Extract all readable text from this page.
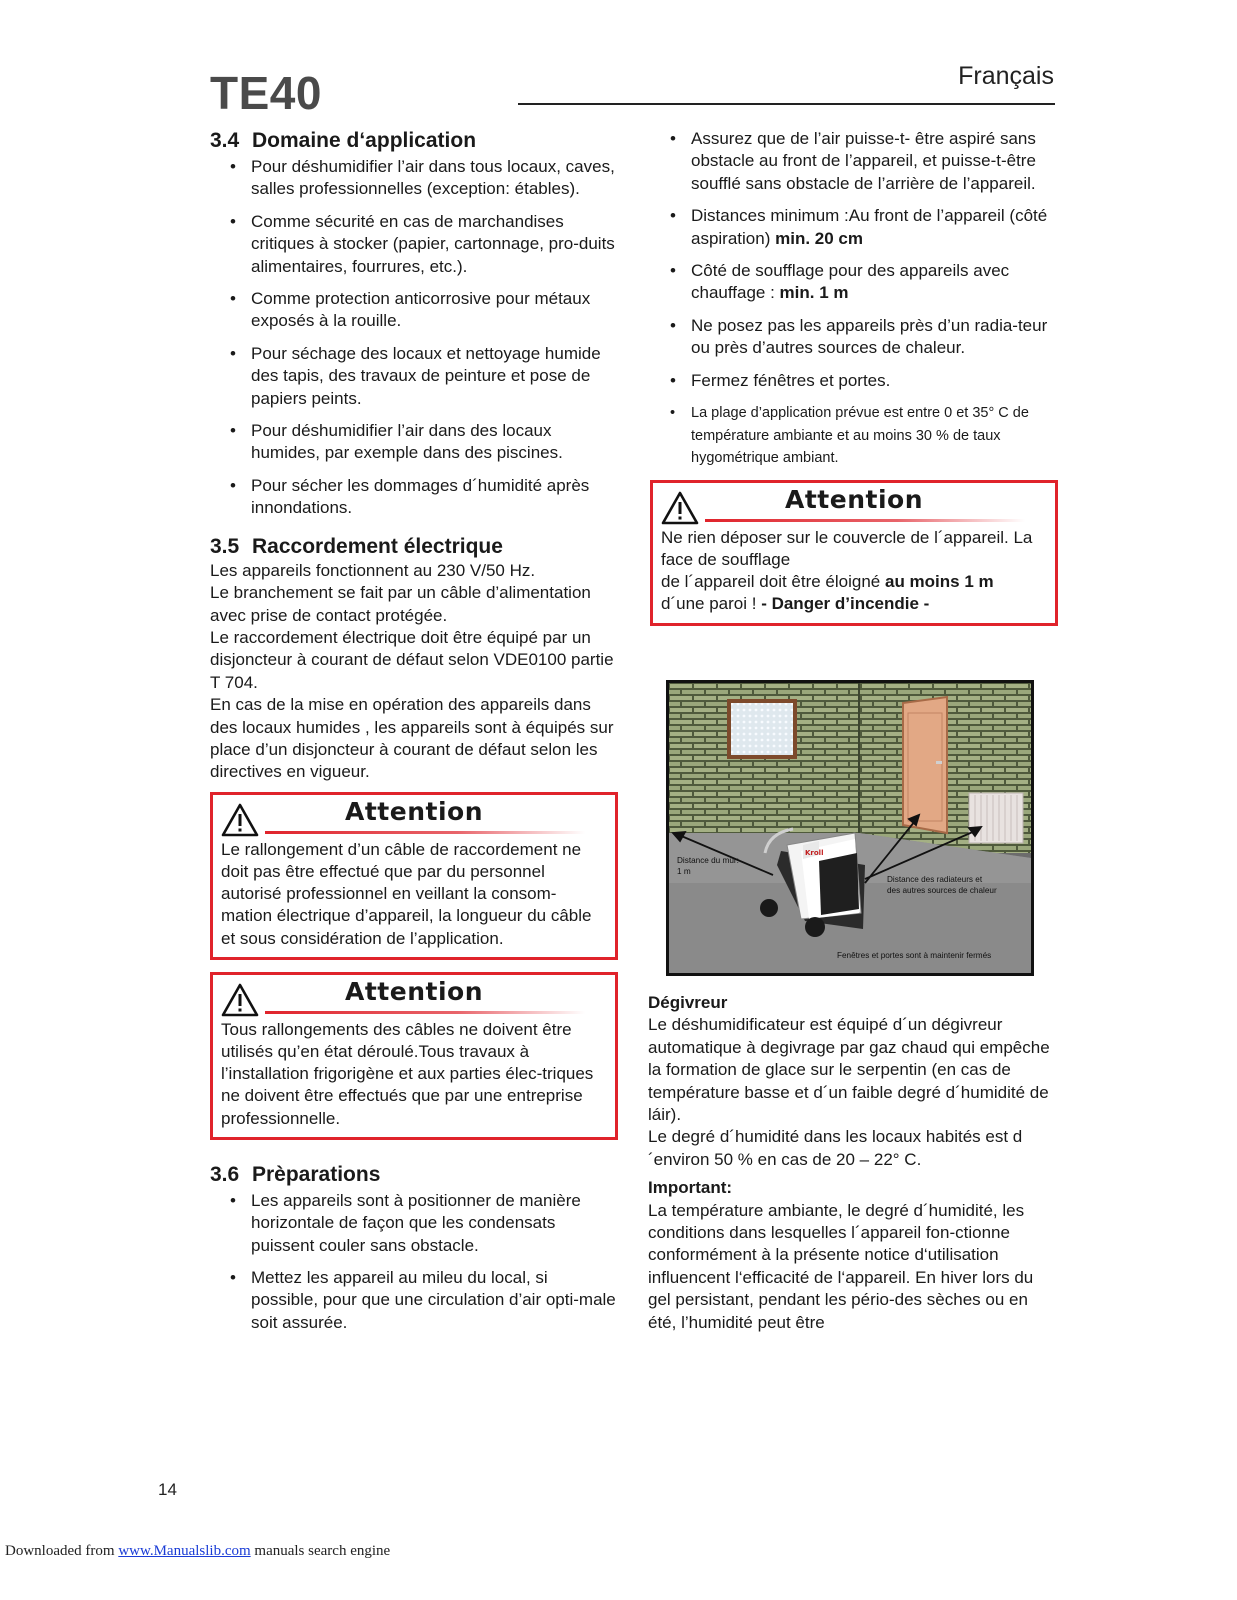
TE40	Français
3.4 Domaine d‘application
• Pour déshumidifier l’air dans tous locaux, caves, salles professionnelles (exception: étables).
• Comme sécurité en cas de marchandises critiques à stocker (papier, cartonnage, pro-duits alimentaires, fourrures, etc.).
• Comme protection anticorrosive pour métaux exposés à la rouille.
• Pour séchage des locaux et nettoyage humide des tapis, des travaux de peinture et pose de papiers peints.
• Pour déshumidifier l’air dans des locaux humides, par exemple dans des piscines.
• Pour sécher les dommages d´humidité après innondations.
3.5 Raccordement électrique

Les appareils fonctionnent au 230 V/50 Hz.

Le branchement se fait par un câble d’alimentation avec prise de contact protégée.

Le raccordement électrique doit être équipé par un disjoncteur à courant de défaut selon VDE0100 partie T 704.

En cas de la mise en opération des appareils dans des locaux humides , les appareils sont à équipés sur place d’un disjoncteur à courant de défaut selon les directives en vigueur.

Attention
Le rallongement d’un câble de raccordement ne doit pas être effectué que par du personnel autorisé professionnel en veillant la consom-mation électrique d’appareil, la longueur du câble et sous considération de l’application.
Attention
Tous rallongements des câbles ne doivent être utilisés qu’en état déroulé.Tous travaux à l’installation frigorigène et aux parties élec-triques ne doivent être effectués que par une entreprise professionnelle.
3.6 Prèparations
• Les appareils sont à positionner de manière horizontale de façon que les condensats puissent couler sans obstacle.
• Mettez les appareil au mileu du local, si possible, pour que une circulation d’air opti-male soit assurée.
• Assurez que de l’air puisse-t- être aspiré sans obstacle au front de l’appareil, et puisse-t-être soufflé sans obstacle de l’arrière de l’appareil.
• Distances minimum :Au front de l’appareil (côté aspiration) min. 20 cm
• Côté de soufflage pour des appareils avec chauffage : min. 1 m
• Ne posez pas les appareils près d’un radia-teur ou près d’autres sources de chaleur.
• Fermez fénêtres et portes.
• La plage d’application prévue est entre 0 et 35° C de température ambiante et au moins 30 % de taux hygométrique ambiant.
Attention
Ne rien déposer sur le couvercle de l´appareil. La face de soufflage
de l´appareil doit être éloigné au moins 1 m
d´une paroi ! - Danger d’incendie -
Kroll
Distance du mur:
1 m
Distance des radiateurs et
des autres sources de chaleur
Fenêtres et portes sont à maintenir fermés
Dégivreur

Le déshumidificateur est équipé d´un dégivreur automatique à degivrage par gaz chaud qui empêche la formation de glace sur le serpentin (en cas de température basse et d´un faible degré d´humidité de láir).

Le degré d´humidité dans les locaux habités est d´environ 50 % en cas de 20 – 22° C.

Important:

La température ambiante, le degré d´humidité, les conditions dans lesquelles l´appareil fon-ctionne conformément à la présente notice d‘utilisation influencent l‘efficacité de l‘appareil. En hiver lors du gel persistant, pendant les pério-des sèches ou en été, l’humidité peut être

14
Downloaded from www.Manualslib.com manuals search engine
